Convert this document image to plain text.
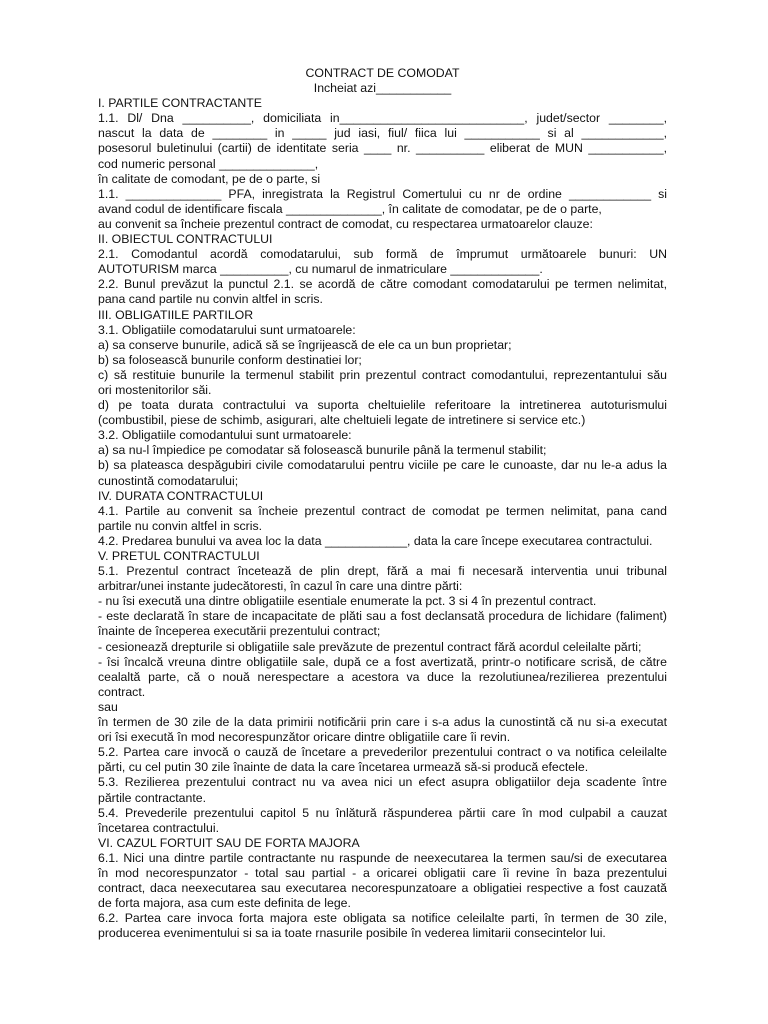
CONTRACT DE COMODAT

Incheiat azi___________

I. PARTILE CONTRACTANTE

1.1. Dl/ Dna __________, domiciliata in___________________________, judet/sector ________,

nascut la data de ________ in _____ jud iasi, fiul/ fiica lui ___________ si al ____________,

posesorul buletinului (cartii) de identitate seria ____ nr. __________ eliberat de MUN ___________,

cod numeric personal ______________,

în calitate de comodant, pe de o parte, si

1.1. ______________ PFA, inregistrata la Registrul Comertului cu nr de ordine ____________ si

avand codul de identificare fiscala ______________, în calitate de comodatar, pe de o parte,

au convenit sa încheie prezentul contract de comodat, cu respectarea urmatoarelor clauze:

II. OBIECTUL CONTRACTULUI

2.1. Comodantul acordă comodatarului, sub formă de împrumut următoarele bunuri: UN

AUTOTURISM marca __________, cu numarul de inmatriculare _____________.

2.2. Bunul prevăzut la punctul 2.1. se acordă de către comodant comodatarului pe termen nelimitat,

pana cand partile nu convin altfel in scris.

III. OBLIGATIILE PARTILOR

3.1. Obligatiile comodatarului sunt urmatoarele:

a) sa conserve bunurile, adică să se îngrijească de ele ca un bun proprietar;

b) sa folosească bunurile conform destinatiei lor;

c) să restituie bunurile la termenul stabilit prin prezentul contract comodantului, reprezentantului său

ori mostenitorilor săi.

d) pe toata durata contractului va suporta cheltuielile referitoare la intretinerea autoturismului

(combustibil, piese de schimb, asigurari, alte cheltuieli legate de intretinere si service etc.)

3.2. Obligatiile comodantului sunt urmatoarele:

a) sa nu-l împiedice pe comodatar să folosească bunurile până la termenul stabilit;

b) sa plateasca despăgubiri civile comodatarului pentru viciile pe care le cunoaste, dar nu le-a adus la

cunostintă comodatarului;

IV. DURATA CONTRACTULUI

4.1. Partile au convenit sa încheie prezentul contract de comodat pe termen nelimitat, pana cand

partile nu convin altfel in scris.

4.2. Predarea bunului va avea loc la data ____________, data la care începe executarea contractului.

V. PRETUL CONTRACTULUI

5.1. Prezentul contract încetează de plin drept, fără a mai fi necesară interventia unui tribunal

arbitrar/unei instante judecătoresti, în cazul în care una dintre părti:

- nu îsi execută una dintre obligatiile esentiale enumerate la pct. 3 si 4 în prezentul contract.

- este declarată în stare de incapacitate de plăti sau a fost declansată procedura de lichidare (faliment)

înainte de începerea executării prezentului contract;

- cesionează drepturile si obligatiile sale prevăzute de prezentul contract fără acordul celeilalte părti;

- îsi încalcă vreuna dintre obligatiile sale, după ce a fost avertizată, printr-o notificare scrisă, de către

cealaltă parte, că o nouă nerespectare a acestora va duce la rezolutiunea/rezilierea prezentului

contract.

sau

în termen de 30 zile de la data primirii notificării prin care i s-a adus la cunostintă că nu si-a executat

ori îsi execută în mod necorespunzător oricare dintre obligatiile care îi revin.

5.2. Partea care invocă o cauză de încetare a prevederilor prezentului contract o va notifica celeilalte

părti, cu cel putin 30 zile înainte de data la care încetarea urmează să-si producă efectele.

5.3. Rezilierea prezentului contract nu va avea nici un efect asupra obligatiilor deja scadente între

părtile contractante.

5.4. Prevederile prezentului capitol 5 nu înlătură răspunderea părtii care în mod culpabil a cauzat

încetarea contractului.

VI. CAZUL FORTUIT SAU DE FORTA MAJORA

6.1. Nici una dintre partile contractante nu raspunde de neexecutarea la termen sau/si de executarea

în mod necorespunzator - total sau partial - a oricarei obligatii care îi revine în baza prezentului

contract, daca neexecutarea sau executarea necorespunzatoare a obligatiei respective a fost cauzată

de forta majora, asa cum este definita de lege.

6.2. Partea care invoca forta majora este obligata sa notifice celeilalte parti, în termen de 30 zile,

producerea evenimentului si sa ia toate rnasurile posibile în vederea limitarii consecintelor lui.
